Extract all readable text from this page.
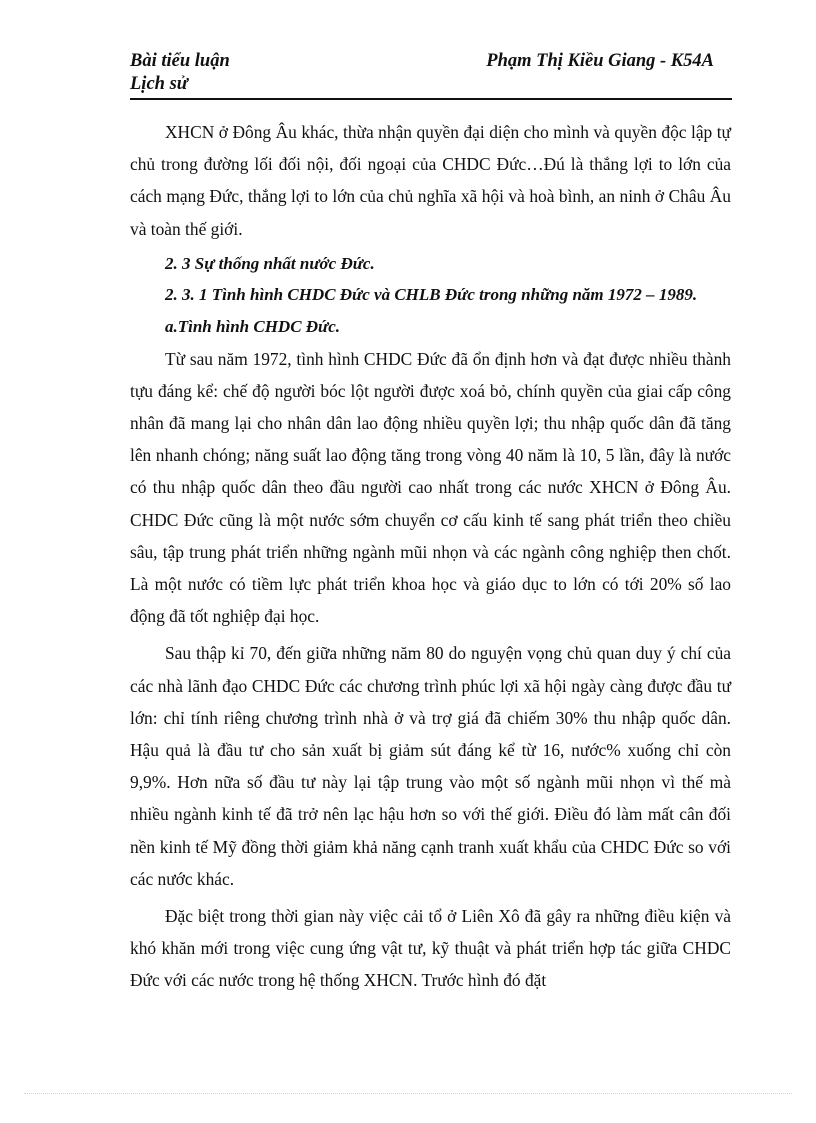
Bài tiểu luận
Lịch sử
Phạm Thị Kiều Giang - K54A

XHCN ở Đông Âu khác, thừa nhận quyền đại diện cho mình và quyền độc lập tự chủ trong đường lối đối nội, đối ngoại của CHDC Đức…Đú là thắng lợi to lớn của cách mạng Đức, thắng lợi to lớn của chủ nghĩa xã hội và hoà bình, an ninh ở Châu Âu và toàn thế giới.

2. 3 Sự thống nhất nước Đức.
2. 3. 1 Tình hình CHDC Đức và CHLB Đức trong những năm 1972 – 1989.
a.Tình hình CHDC Đức.

Từ sau năm 1972, tình hình CHDC Đức đã ổn định hơn và đạt được nhiều thành tựu đáng kể: chế độ người bóc lột người được xoá bỏ, chính quyền của giai cấp công nhân đã mang lại cho nhân dân lao động nhiều quyền lợi; thu nhập quốc dân đã tăng lên nhanh chóng; năng suất lao động tăng trong vòng 40 năm là 10, 5 lần, đây là nước có thu nhập quốc dân theo đầu người cao nhất trong các nước XHCN ở Đông Âu. CHDC Đức cũng là một nước sớm chuyển cơ cấu kinh tế sang phát triển theo chiều sâu, tập trung phát triển những ngành mũi nhọn và các ngành công nghiệp then chốt. Là một nước có tiềm lực phát triển khoa học và giáo dục to lớn có tới 20% số lao động đã tốt nghiệp đại học.

Sau thập kỉ 70, đến giữa những năm 80 do nguyện vọng chủ quan duy ý chí của các nhà lãnh đạo CHDC Đức các chương trình phúc lợi xã hội ngày càng được đầu tư lớn: chỉ tính riêng chương trình nhà ở và trợ giá đã chiếm 30% thu nhập quốc dân. Hậu quả là đầu tư cho sản xuất bị giảm sút đáng kể từ 16, nước% xuống chỉ còn 9,9%. Hơn nữa số đầu tư này lại tập trung vào một số ngành mũi nhọn vì thế mà nhiều ngành kinh tế đã trở nên lạc hậu hơn so với thế giới. Điều đó làm mất cân đối nền kinh tế Mỹ đồng thời giảm khả năng cạnh tranh xuất khẩu của CHDC Đức so với các nước khác.

Đặc biệt trong thời gian này việc cải tổ ở Liên Xô đã gây ra những điều kiện và khó khăn mới trong việc cung ứng vật tư, kỹ thuật và phát triển hợp tác giữa CHDC Đức với các nước trong hệ thống XHCN. Trước hình đó đặt
